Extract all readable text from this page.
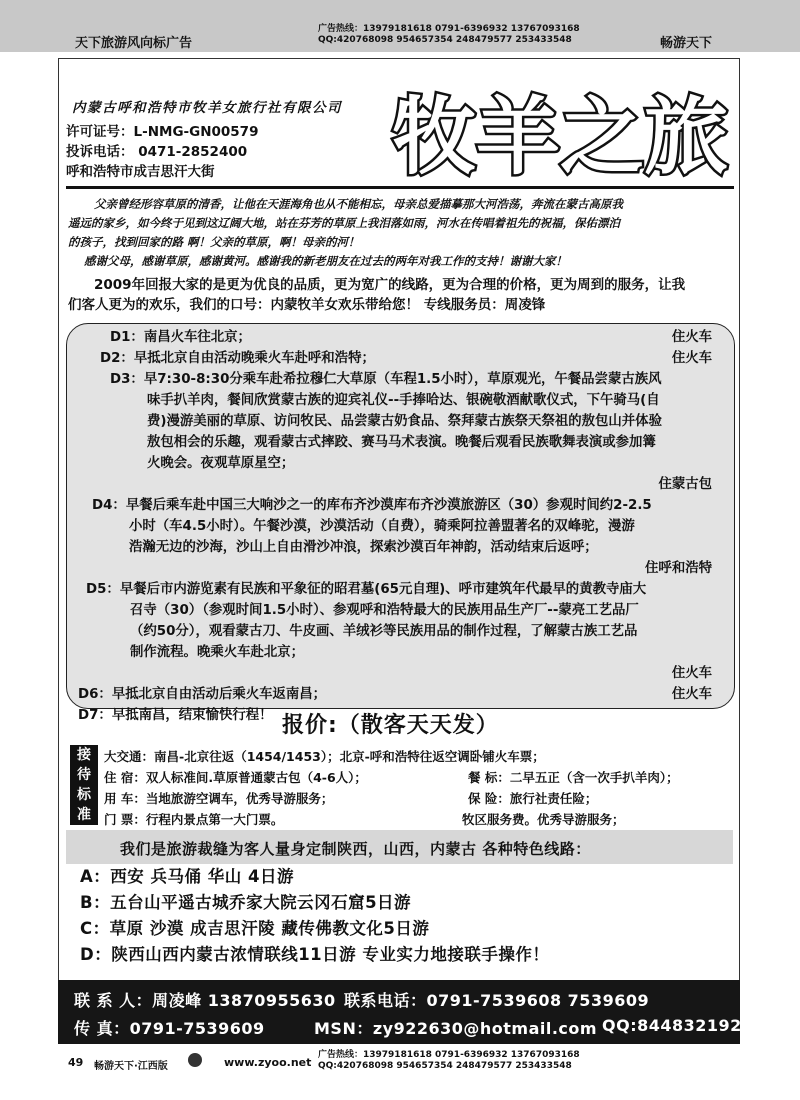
天下旅游风向标广告
广告热线：13979181618 0791-6396932 13767093168
QQ:420768098 954657354 248479577 253433548	畅游天下
内蒙古呼和浩特市牧羊女旅行社有限公司
许可证号：L-NMG-GN00579
投诉电话： 0471-2852400
呼和浩特市成吉思汗大街 牧羊之旅
父亲曾经形容草原的清香，让他在天涯海角也从不能相忘，母亲总爱描摹那大河浩荡，奔流在蒙古高原我
遥远的家乡，如今终于见到这辽阔大地，站在芬芳的草原上我泪落如雨，河水在传唱着祖先的祝福，保佑漂泊
的孩子，找到回家的路 啊！父亲的草原，啊！母亲的河！
感谢父母，感谢草原，感谢黄河。感谢我的新老朋友在过去的两年对我工作的支持！谢谢大家！
2009年回报大家的是更为优良的品质，更为宽广的线路，更为合理的价格，更为周到的服务，让我
们客人更为的欢乐，我们的口号：内蒙牧羊女欢乐带给您！ 专线服务员：周凌锋
D1：南昌火车往北京；	住火车
D2：早抵北京自由活动晚乘火车赴呼和浩特；	住火车
D3：早7:30-8:30分乘车赴希拉穆仁大草原（车程1.5小时），草原观光，午餐品尝蒙古族风
味手扒羊肉，餐间欣赏蒙古族的迎宾礼仪--手捧哈达、银碗敬酒献歌仪式，下午骑马(自
费)漫游美丽的草原、访问牧民、品尝蒙古奶食品、祭拜蒙古族祭天祭祖的敖包山并体验
敖包相会的乐趣，观看蒙古式摔跤、赛马马术表演。晚餐后观看民族歌舞表演或参加篝
火晚会。夜观草原星空；
住蒙古包
D4：早餐后乘车赴中国三大响沙之一的库布齐沙漠库布齐沙漠旅游区（30）参观时间约2-2.5
小时（车4.5小时）。午餐沙漠，沙漠活动（自费），骑乘阿拉善盟著名的双峰驼，漫游
浩瀚无边的沙海，沙山上自由滑沙冲浪，探索沙漠百年神韵，活动结束后返呼；
住呼和浩特
D5：早餐后市内游览素有民族和平象征的昭君墓(65元自理)、呼市建筑年代最早的黄教寺庙大
召寺（30）（参观时间1.5小时）、参观呼和浩特最大的民族用品生产厂--蒙亮工艺品厂
（约50分），观看蒙古刀、牛皮画、羊绒衫等民族用品的制作过程，了解蒙古族工艺品
制作流程。晚乘火车赴北京；
住火车
D6：早抵北京自由活动后乘火车返南昌；	住火车
D7：早抵南昌，结束愉快行程！ 报价:（散客天天发）
接
待
标
准
大交通：南昌-北京往返（1454/1453）；北京-呼和浩特往返空调卧铺火车票；
住 宿：双人标准间.草原普通蒙古包（4-6人）；	餐 标：二早五正（含一次手扒羊肉）；
用 车：当地旅游空调车，优秀导游服务；	保 险：旅行社责任险；
门 票：行程内景点第一大门票。	牧区服务费。优秀导游服务；
我们是旅游裁缝为客人量身定制陕西，山西，内蒙古 各种特色线路：
A：西安 兵马俑 华山 4日游
B：五台山平遥古城乔家大院云冈石窟5日游
C：草原 沙漠 成吉思汗陵 藏传佛教文化5日游
D：陕西山西内蒙古浓情联线11日游 专业实力地接联手操作！
联 系 人：周凌峰 13870955630 联系电话：0791-7539608 7539609
传 真：0791-7539609	MSN：zy922630@hotmail.com QQ:844832192
49 畅游天下·江西版	www.zyoo.net
广告热线：13979181618 0791-6396932 13767093168
QQ:420768098 954657354 248479577 253433548
